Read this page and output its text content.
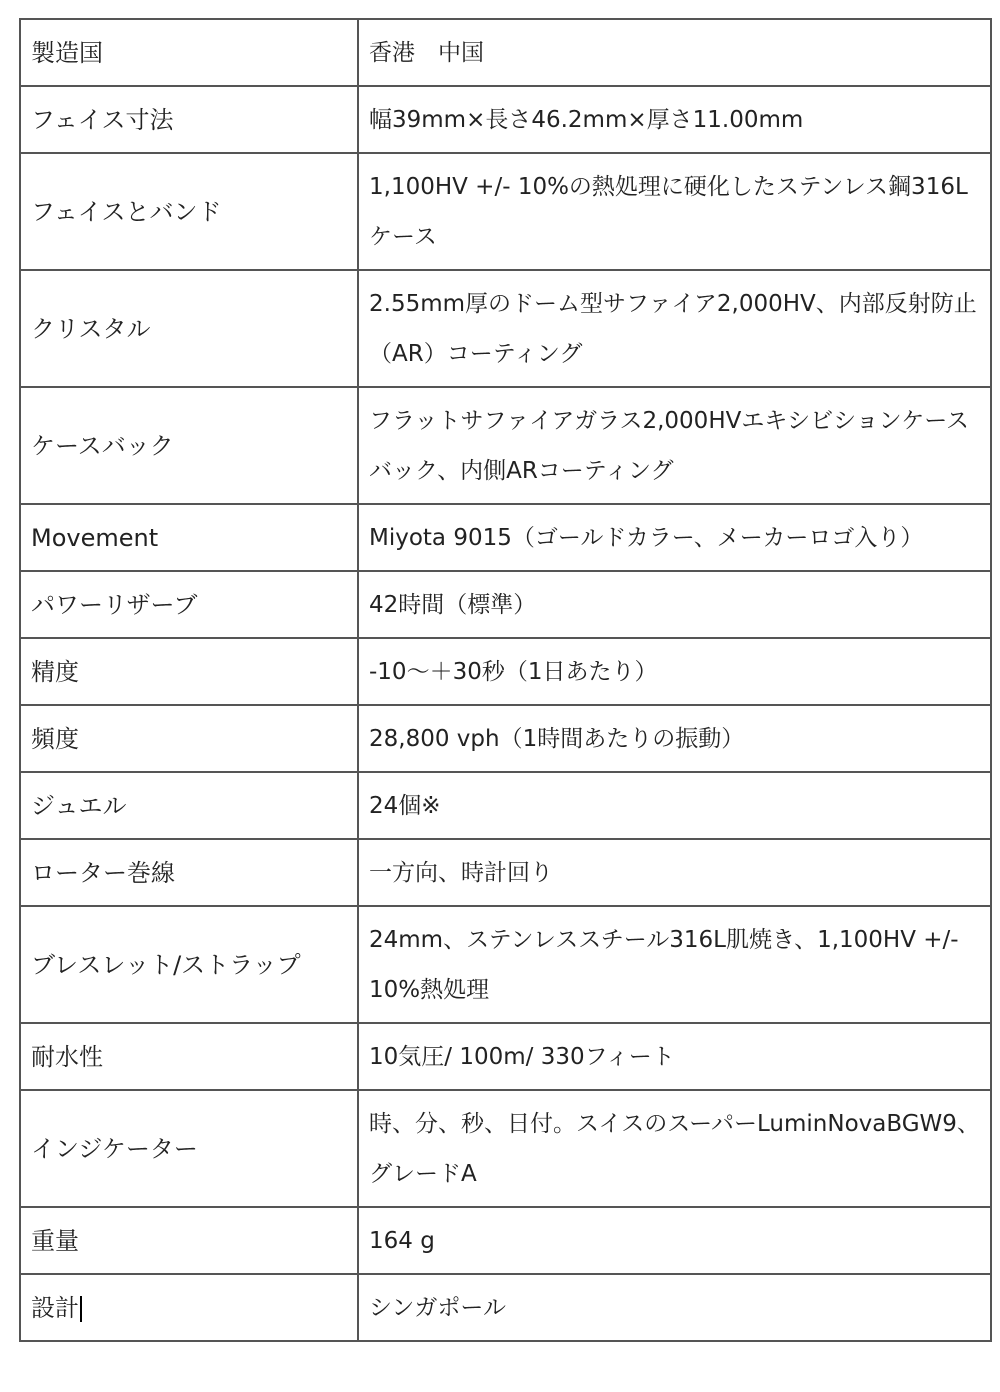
製造国	香港　中国
フェイス寸法	幅39mm×長さ46.2mm×厚さ11.00mm
フェイスとバンド	1,100HV +/- 10%の熱処理に硬化したステンレス鋼316Lケース
クリスタル	2.55mm厚のドーム型サファイア2,000HV、内部反射防止（AR）コーティング
ケースバック	フラットサファイアガラス2,000HVエキシビションケースバック、内側ARコーティング
Movement	Miyota 9015（ゴールドカラー、メーカーロゴ入り）
パワーリザーブ	42時間（標準）
精度	-10～＋30秒（1日あたり）
頻度	28,800 vph（1時間あたりの振動）
ジュエル	24個※
ローター巻線	一方向、時計回り
ブレスレット/ストラップ	24mm、ステンレススチール316L肌焼き、1,100HV +/- 10%熱処理
耐水性	10気圧/ 100m/ 330フィート
インジケーター	時、分、秒、日付。スイスのスーパーLuminNovaBGW9、グレードA
重量	164 g
設計	シンガポール
